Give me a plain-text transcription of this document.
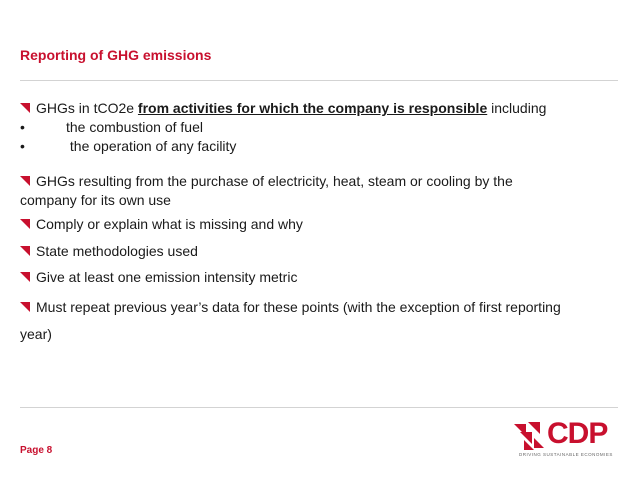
Reporting of GHG emissions
GHGs in tCO2e from activities for which the company is responsible including
•	the combustion of fuel
•	the operation of any facility
GHGs resulting from the purchase of electricity, heat, steam or cooling by the
company for its own use
Comply or explain what is missing and why
State methodologies used
Give at least one emission intensity metric
Must repeat previous year’s data for these points (with the exception of first reporting
year)
Page 8
CDP
DRIVING SUSTAINABLE ECONOMIES
